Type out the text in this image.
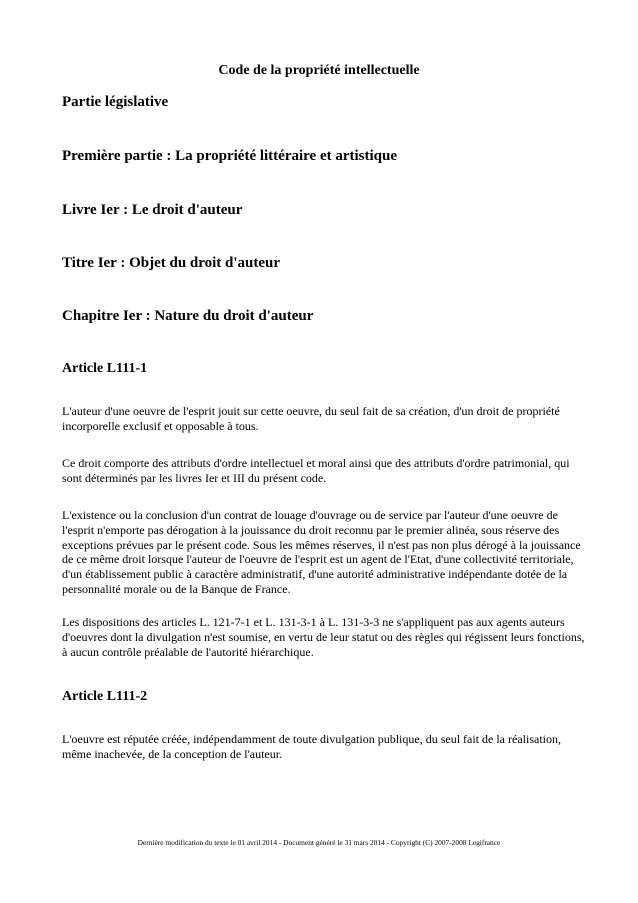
Code de la propriété intellectuelle
Partie législative
Première partie : La propriété littéraire et artistique
Livre Ier : Le droit d'auteur
Titre Ier : Objet du droit d'auteur
Chapitre Ier : Nature du droit d'auteur
Article L111-1
L'auteur d'une oeuvre de l'esprit jouit sur cette oeuvre, du seul fait de sa création, d'un droit de propriété incorporelle exclusif et opposable à tous.
Ce droit comporte des attributs d'ordre intellectuel et moral ainsi que des attributs d'ordre patrimonial, qui sont déterminés par les livres Ier et III du présent code.
L'existence ou la conclusion d'un contrat de louage d'ouvrage ou de service par l'auteur d'une oeuvre de l'esprit n'emporte pas dérogation à la jouissance du droit reconnu par le premier alinéa, sous réserve des exceptions prévues par le présent code. Sous les mêmes réserves, il n'est pas non plus dérogé à la jouissance de ce même droit lorsque l'auteur de l'oeuvre de l'esprit est un agent de l'Etat, d'une collectivité territoriale, d'un établissement public à caractère administratif, d'une autorité administrative indépendante dotée de la personnalité morale ou de la Banque de France.
Les dispositions des articles L. 121-7-1 et L. 131-3-1 à L. 131-3-3 ne s'appliquent pas aux agents auteurs d'oeuvres dont la divulgation n'est soumise, en vertu de leur statut ou des règles qui régissent leurs fonctions, à aucun contrôle préalable de l'autorité hiérarchique.
Article L111-2
L'oeuvre est réputée créée, indépendamment de toute divulgation publique, du seul fait de la réalisation, même inachevée, de la conception de l'auteur.
Dernière modification du texte le 01 avril 2014 - Document généré le 31 mars 2014 - Copyright (C) 2007-2008 Legifrance
